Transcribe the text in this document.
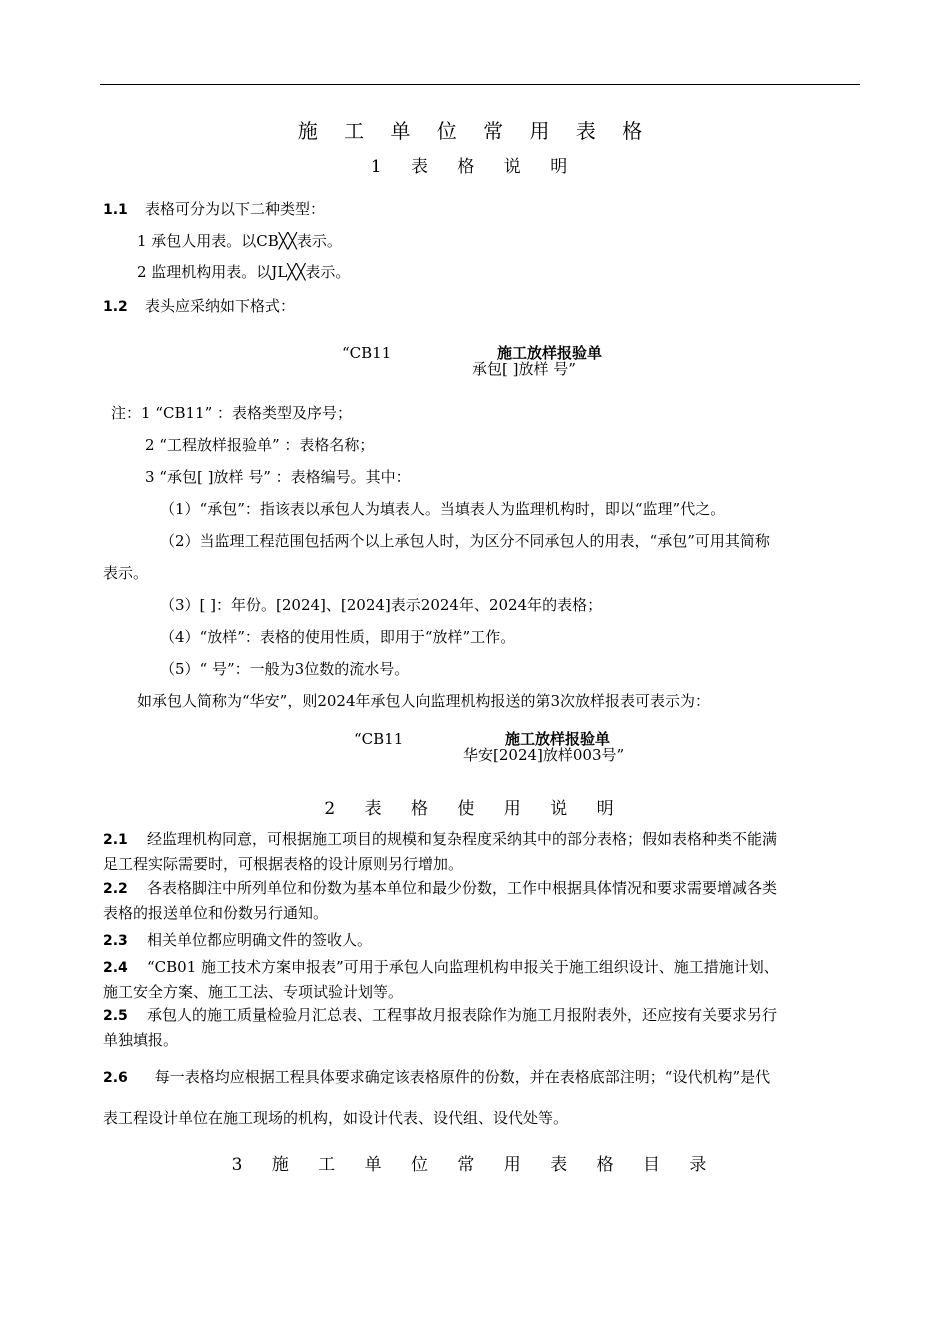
施 工 单 位 常 用 表 格
1 表 格 说 明
1.1 表格可分为以下二种类型：
1 承包人用表。以CB╳╳表示。
2 监理机构用表。以JL╳╳表示。
1.2 表头应采纳如下格式：
“CB11	施工放样报验单
承包[ ]放样 号”
注：1 “CB11” ：表格类型及序号；
2 “工程放样报验单” ：表格名称；
3 “承包[ ]放样 号” ：表格编号。其中：
（1）“承包”：指该表以承包人为填表人。当填表人为监理机构时，即以“监理”代之。
（2）当监理工程范围包括两个以上承包人时，为区分不同承包人的用表，“承包”可用其简称
表示。
（3）[ ]：年份。[2024]、[2024]表示2024年、2024年的表格；
（4）“放样”：表格的使用性质，即用于“放样”工作。
（5）“ 号”：一般为3位数的流水号。
如承包人简称为“华安”，则2024年承包人向监理机构报送的第3次放样报表可表示为：
“CB11	施工放样报验单
华安[2024]放样003号”
2 表 格 使 用 说 明
2.1 经监理机构同意，可根据施工项目的规模和复杂程度采纳其中的部分表格；假如表格种类不能满
足工程实际需要时，可根据表格的设计原则另行增加。
2.2 各表格脚注中所列单位和份数为基本单位和最少份数，工作中根据具体情况和要求需要增减各类
表格的报送单位和份数另行通知。
2.3 相关单位都应明确文件的签收人。
2.4 “CB01 施工技术方案申报表”可用于承包人向监理机构申报关于施工组织设计、施工措施计划、
施工安全方案、施工工法、专项试验计划等。
2.5 承包人的施工质量检验月汇总表、工程事故月报表除作为施工月报附表外，还应按有关要求另行
单独填报。
2.6 每一表格均应根据工程具体要求确定该表格原件的份数，并在表格底部注明；“设代机构”是代
表工程设计单位在施工现场的机构，如设计代表、设代组、设代处等。
3 施 工 单 位 常 用 表 格 目 录
